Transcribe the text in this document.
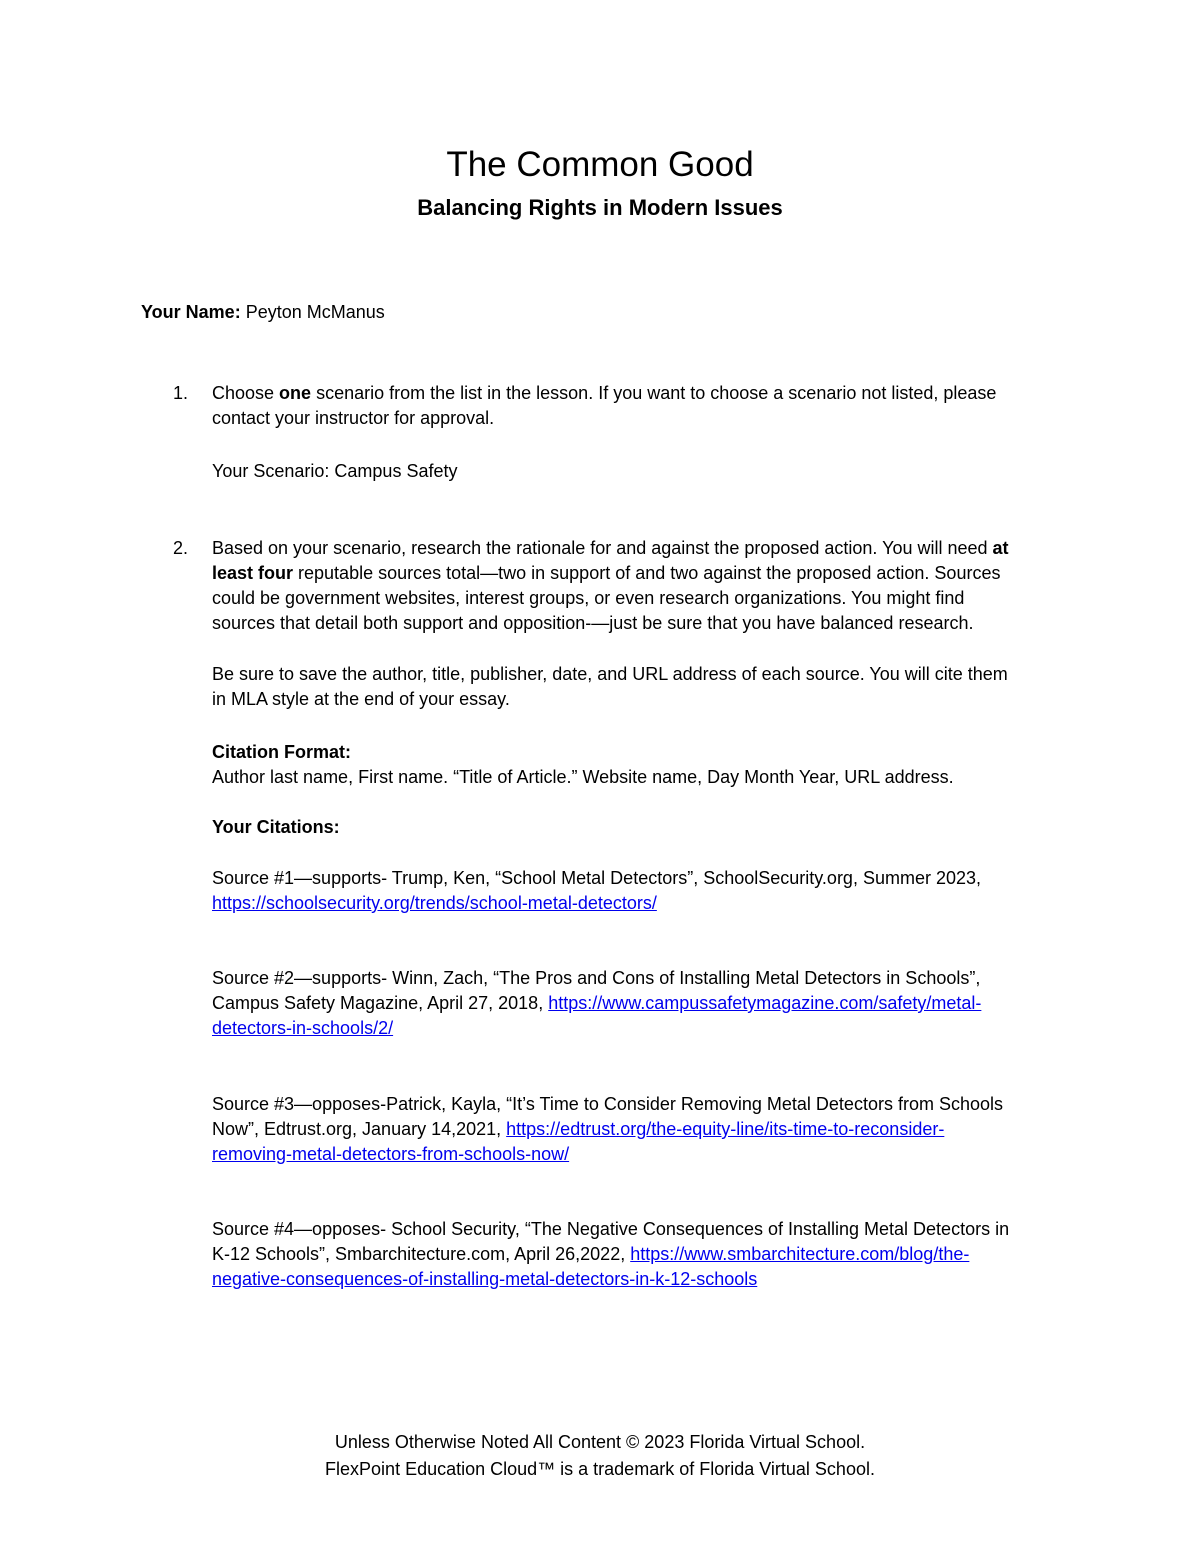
The Common Good
Balancing Rights in Modern Issues
Your Name: Peyton McManus
1. Choose one scenario from the list in the lesson. If you want to choose a scenario not listed, please
contact your instructor for approval.
Your Scenario: Campus Safety
2. Based on your scenario, research the rationale for and against the proposed action. You will need at
least four reputable sources total—two in support of and two against the proposed action. Sources
could be government websites, interest groups, or even research organizations. You might find
sources that detail both support and opposition-—just be sure that you have balanced research.
Be sure to save the author, title, publisher, date, and URL address of each source. You will cite them
in MLA style at the end of your essay.
Citation Format:
Author last name, First name. “Title of Article.” Website name, Day Month Year, URL address.
Your Citations:
Source #1—supports- Trump, Ken, “School Metal Detectors”, SchoolSecurity.org, Summer 2023,
https://schoolsecurity.org/trends/school-metal-detectors/
Source #2—supports- Winn, Zach, “The Pros and Cons of Installing Metal Detectors in Schools”,
Campus Safety Magazine, April 27, 2018, https://www.campussafetymagazine.com/safety/metal-
detectors-in-schools/2/
Source #3—opposes-Patrick, Kayla, “It’s Time to Consider Removing Metal Detectors from Schools
Now”, Edtrust.org, January 14,2021, https://edtrust.org/the-equity-line/its-time-to-reconsider-
removing-metal-detectors-from-schools-now/
Source #4—opposes- School Security, “The Negative Consequences of Installing Metal Detectors in
K-12 Schools”, Smbarchitecture.com, April 26,2022, https://www.smbarchitecture.com/blog/the-
negative-consequences-of-installing-metal-detectors-in-k-12-schools
Unless Otherwise Noted All Content © 2023 Florida Virtual School.
FlexPoint Education Cloud™ is a trademark of Florida Virtual School.
